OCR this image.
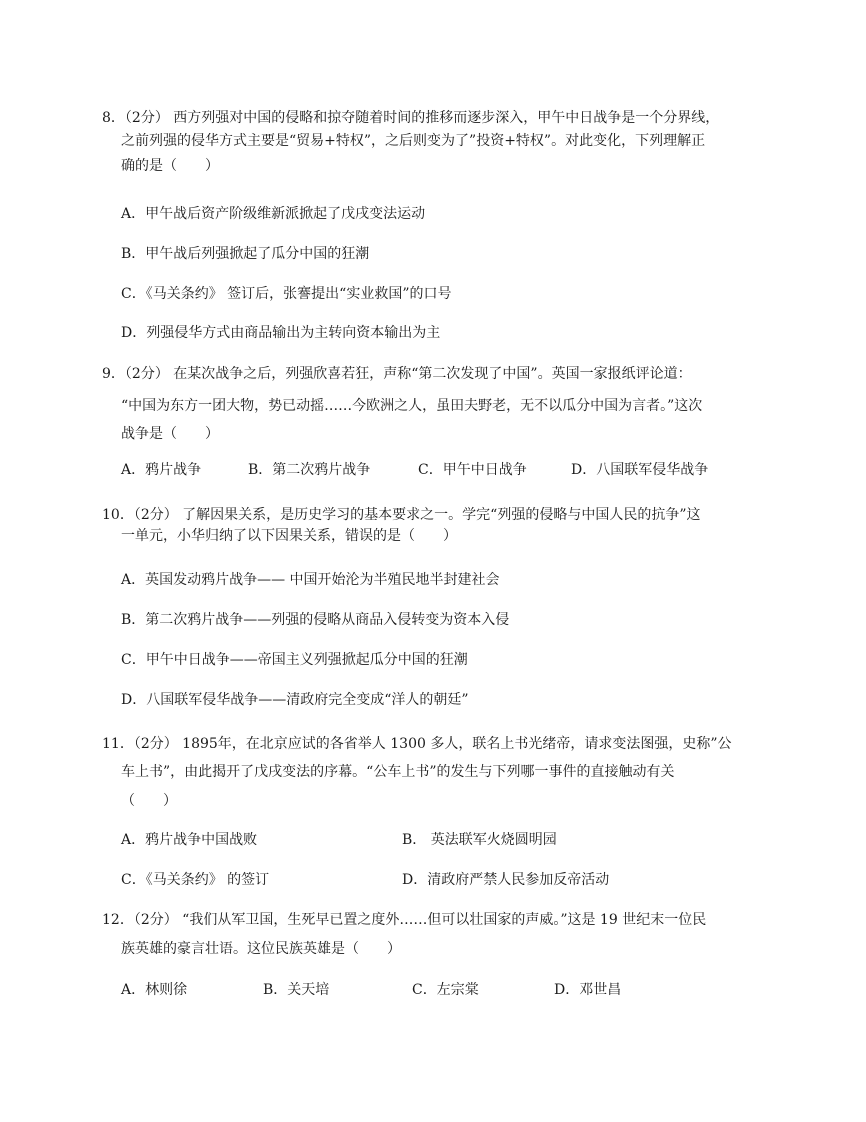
8．（2分） 西方列强对中国的侵略和掠夺随着时间的推移而逐步深入，甲午中日战争是一个分界线，
之前列强的侵华方式主要是“贸易+特权”，之后则变为了”投资+特权”。对此变化，下列理解正
确的是（　　）
A．甲午战后资产阶级维新派掀起了戊戌变法运动
B．甲午战后列强掀起了瓜分中国的狂潮
C．《马关条约》 签订后，张謇提出“实业救国”的口号
D．列强侵华方式由商品输出为主转向资本输出为主
9．（2分） 在某次战争之后，列强欣喜若狂，声称“第二次发现了中国”。英国一家报纸评论道：
“中国为东方一团大物，势已动摇……今欧洲之人，虽田夫野老，无不以瓜分中国为言者。”这次
战争是（　　）
A．鸦片战争	B．第二次鸦片战争	C．甲午中日战争	D．八国联军侵华战争
10．（2分） 了解因果关系，是历史学习的基本要求之一。学完“列强的侵略与中国人民的抗争”这
一单元，小华归纳了以下因果关系，错误的是（　　）
A．英国发动鸦片战争—— 中国开始沦为半殖民地半封建社会
B．第二次鸦片战争——列强的侵略从商品入侵转变为资本入侵
C．甲午中日战争——帝国主义列强掀起瓜分中国的狂潮
D．八国联军侵华战争——清政府完全变成“洋人的朝廷”
11．（2分） 1895年，在北京应试的各省举人 1300 多人，联名上书光绪帝，请求变法图强，史称”公
车上书”，由此揭开了戊戌变法的序幕。“公车上书”的发生与下列哪一事件的直接触动有关
（　　）
A．鸦片战争中国战败	B． 英法联军火烧圆明园
C．《马关条约》 的签订	D．清政府严禁人民参加反帝活动
12．（2分） “我们从军卫国，生死早已置之度外……但可以壮国家的声威。”这是 19 世纪末一位民
族英雄的豪言壮语。这位民族英雄是（　　）
A．林则徐	B．关天培	C．左宗棠	D．邓世昌
